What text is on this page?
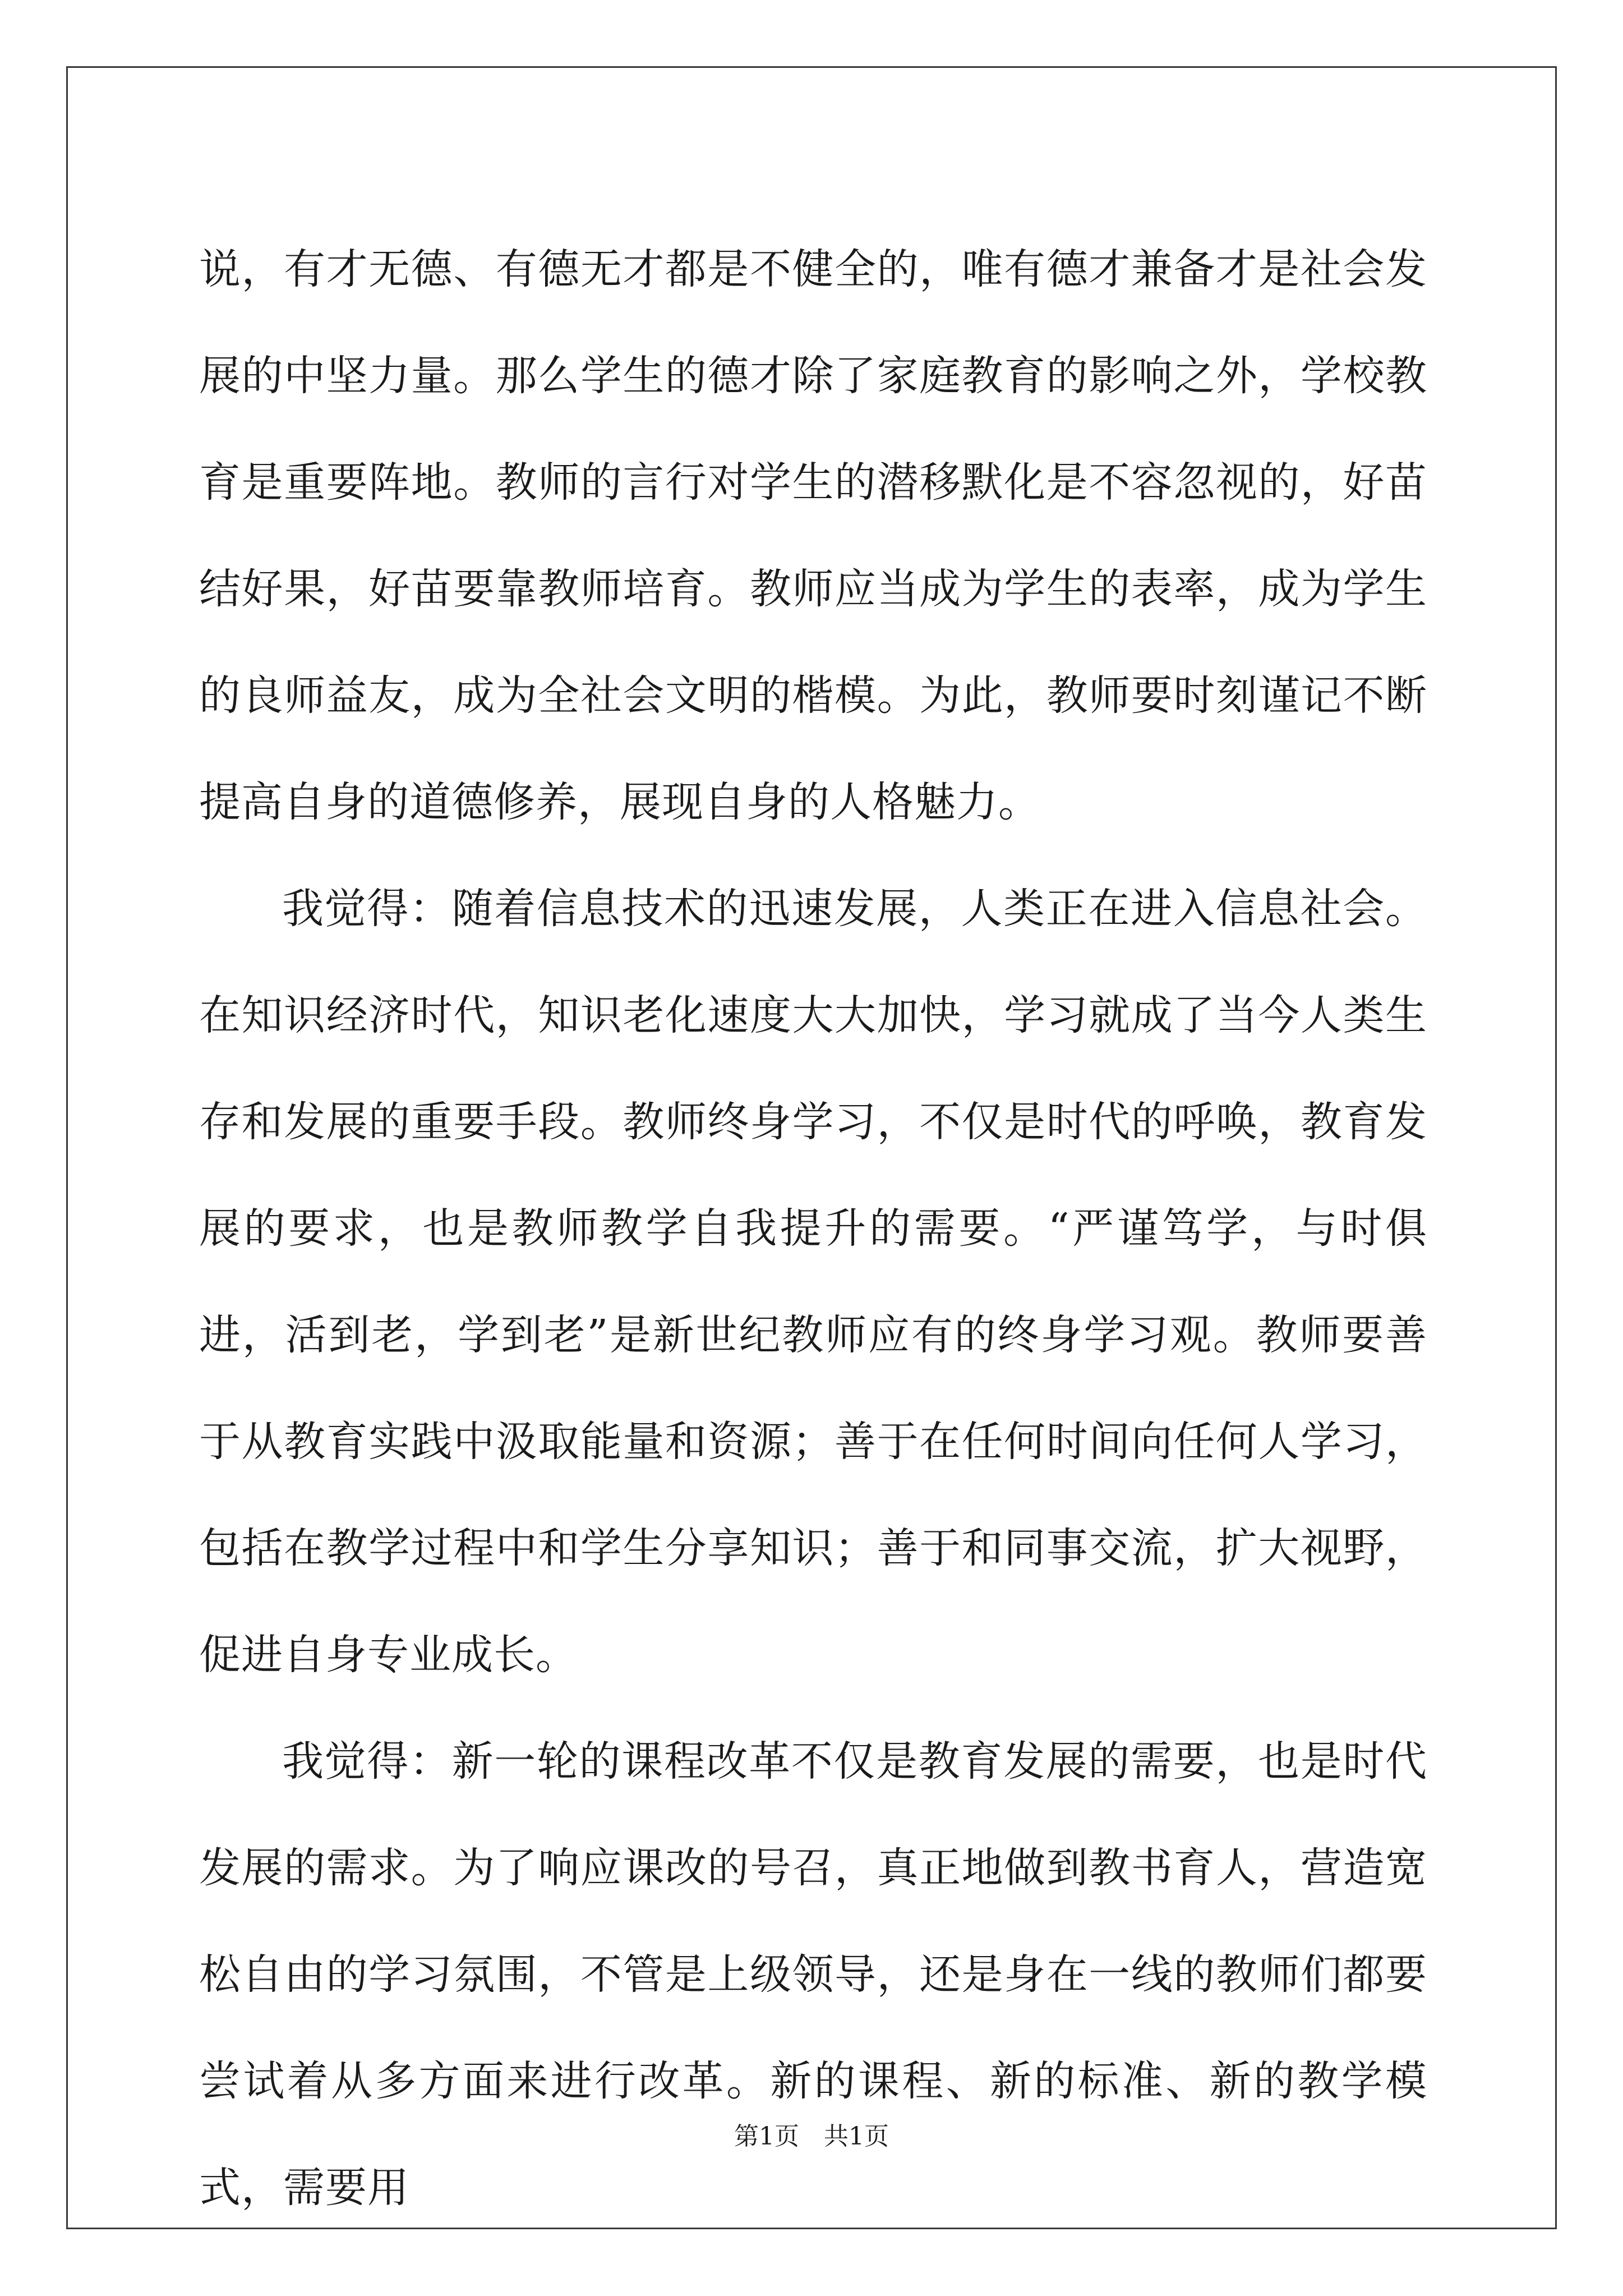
说，有才无德、有德无才都是不健全的，唯有德才兼备才是社会发展的中坚力量。那么学生的德才除了家庭教育的影响之外，学校教育是重要阵地。教师的言行对学生的潜移默化是不容忽视的，好苗结好果，好苗要靠教师培育。教师应当成为学生的表率，成为学生的良师益友，成为全社会文明的楷模。为此，教师要时刻谨记不断提高自身的道德修养，展现自身的人格魅力。

我觉得：随着信息技术的迅速发展，人类正在进入信息社会。在知识经济时代，知识老化速度大大加快，学习就成了当今人类生存和发展的重要手段。教师终身学习，不仅是时代的呼唤，教育发展的要求，也是教师教学自我提升的需要。“严谨笃学，与时俱进，活到老，学到老”是新世纪教师应有的终身学习观。教师要善于从教育实践中汲取能量和资源；善于在任何时间向任何人学习，包括在教学过程中和学生分享知识；善于和同事交流，扩大视野，促进自身专业成长。

我觉得：新一轮的课程改革不仅是教育发展的需要，也是时代发展的需求。为了响应课改的号召，真正地做到教书育人，营造宽松自由的学习氛围，不管是上级领导，还是身在一线的教师们都要尝试着从多方面来进行改革。新的课程、新的标准、新的教学模式，需要用

第1页　共1页
